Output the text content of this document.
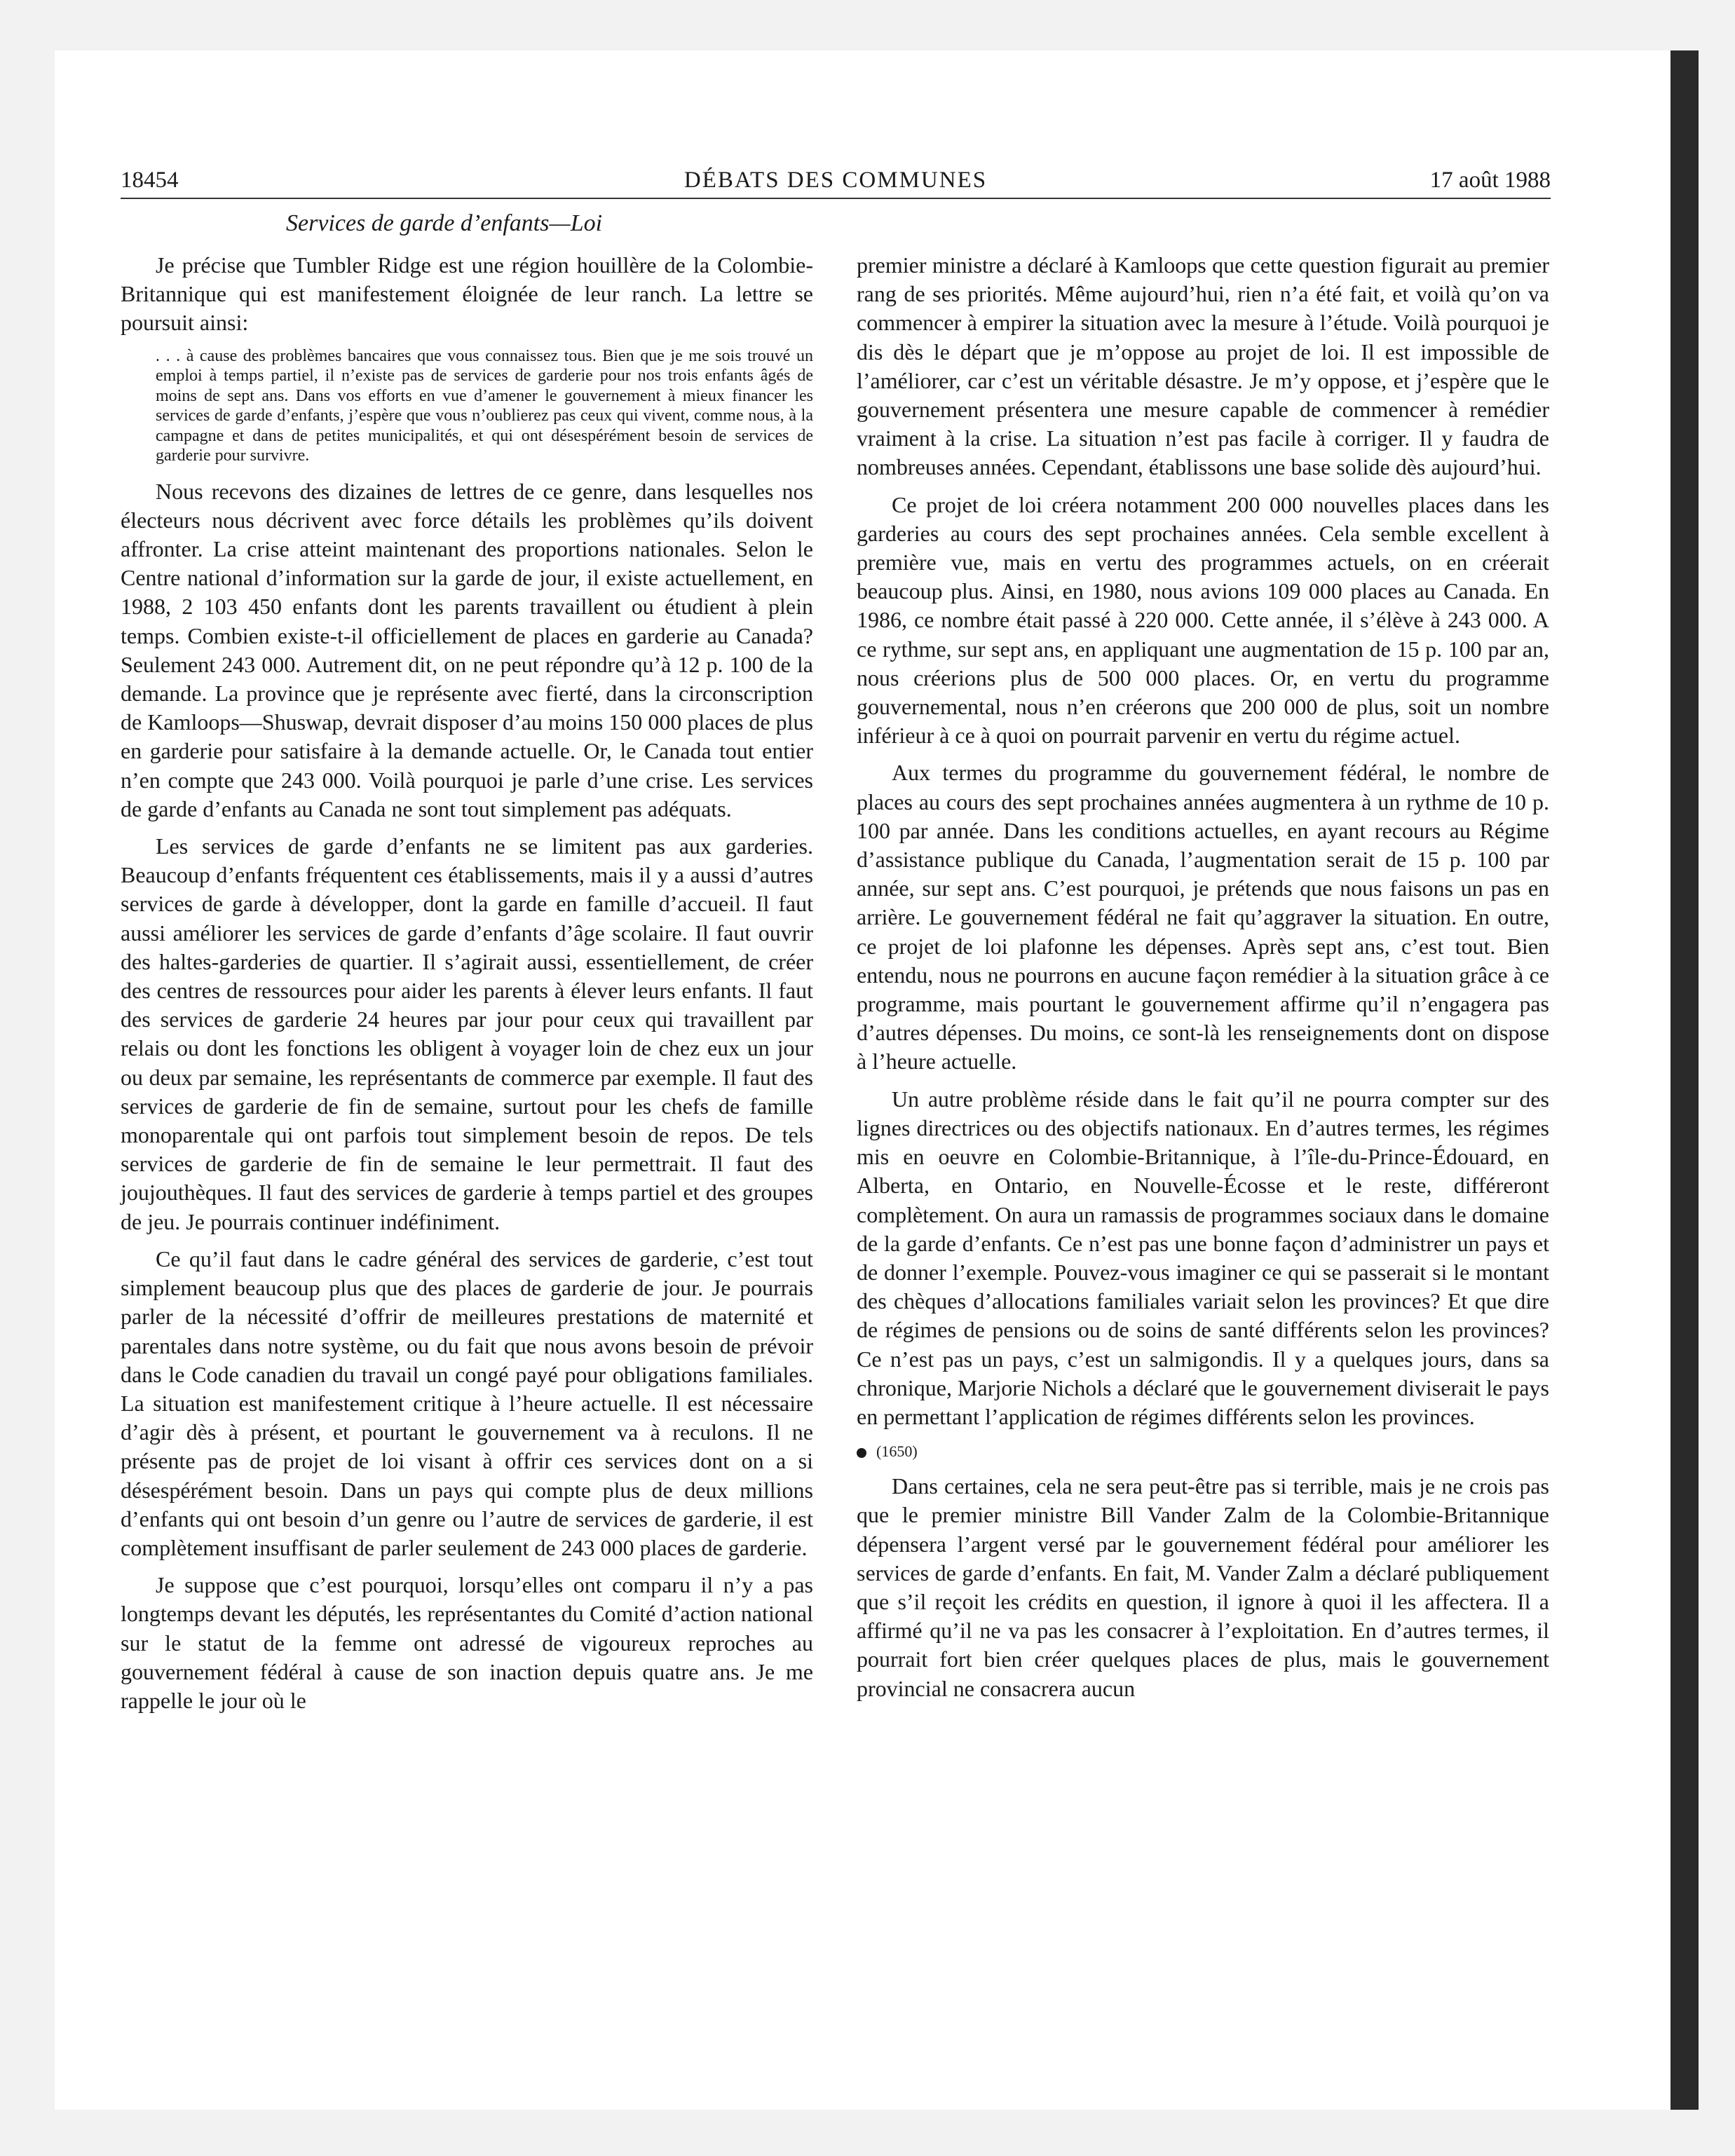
18454	DÉBATS DES COMMUNES	17 août 1988
Services de garde d’enfants—Loi

Je précise que Tumbler Ridge est une région houillère de la Colombie-Britannique qui est manifestement éloignée de leur ranch. La lettre se poursuit ainsi:

. . . à cause des problèmes bancaires que vous connaissez tous. Bien que je me sois trouvé un emploi à temps partiel, il n’existe pas de services de garderie pour nos trois enfants âgés de moins de sept ans. Dans vos efforts en vue d’amener le gouvernement à mieux financer les services de garde d’enfants, j’espère que vous n’oublierez pas ceux qui vivent, comme nous, à la campagne et dans de petites municipalités, et qui ont désespérément besoin de services de garderie pour survivre.

Nous recevons des dizaines de lettres de ce genre, dans lesquelles nos électeurs nous décrivent avec force détails les problèmes qu’ils doivent affronter. La crise atteint maintenant des proportions nationales. Selon le Centre national d’information sur la garde de jour, il existe actuellement, en 1988, 2 103 450 enfants dont les parents travaillent ou étudient à plein temps. Combien existe-t-il officiellement de places en garderie au Canada? Seulement 243 000. Autrement dit, on ne peut répondre qu’à 12 p. 100 de la demande. La province que je représente avec fierté, dans la circonscription de Kamloops—Shuswap, devrait disposer d’au moins 150 000 places de plus en garderie pour satisfaire à la demande actuelle. Or, le Canada tout entier n’en compte que 243 000. Voilà pourquoi je parle d’une crise. Les services de garde d’enfants au Canada ne sont tout simplement pas adéquats.

Les services de garde d’enfants ne se limitent pas aux garderies. Beaucoup d’enfants fréquentent ces établissements, mais il y a aussi d’autres services de garde à développer, dont la garde en famille d’accueil. Il faut aussi améliorer les services de garde d’enfants d’âge scolaire. Il faut ouvrir des haltes-garderies de quartier. Il s’agirait aussi, essentiellement, de créer des centres de ressources pour aider les parents à élever leurs enfants. Il faut des services de garderie 24 heures par jour pour ceux qui travaillent par relais ou dont les fonctions les obligent à voyager loin de chez eux un jour ou deux par semaine, les représentants de commerce par exemple. Il faut des services de garderie de fin de semaine, surtout pour les chefs de famille monoparentale qui ont parfois tout simplement besoin de repos. De tels services de garderie de fin de semaine le leur permettrait. Il faut des joujouthèques. Il faut des services de garderie à temps partiel et des groupes de jeu. Je pourrais continuer indéfiniment.

Ce qu’il faut dans le cadre général des services de garderie, c’est tout simplement beaucoup plus que des places de garderie de jour. Je pourrais parler de la nécessité d’offrir de meilleures prestations de maternité et parentales dans notre système, ou du fait que nous avons besoin de prévoir dans le Code canadien du travail un congé payé pour obligations familiales. La situation est manifestement critique à l’heure actuelle. Il est nécessaire d’agir dès à présent, et pourtant le gouvernement va à reculons. Il ne présente pas de projet de loi visant à offrir ces services dont on a si désespérément besoin. Dans un pays qui compte plus de deux millions d’enfants qui ont besoin d’un genre ou l’autre de services de garderie, il est complètement insuffisant de parler seulement de 243 000 places de garderie.

Je suppose que c’est pourquoi, lorsqu’elles ont comparu il n’y a pas longtemps devant les députés, les représentantes du Comité d’action national sur le statut de la femme ont adressé de vigoureux reproches au gouvernement fédéral à cause de son inaction depuis quatre ans. Je me rappelle le jour où le

premier ministre a déclaré à Kamloops que cette question figurait au premier rang de ses priorités. Même aujourd’hui, rien n’a été fait, et voilà qu’on va commencer à empirer la situation avec la mesure à l’étude. Voilà pourquoi je dis dès le départ que je m’oppose au projet de loi. Il est impossible de l’améliorer, car c’est un véritable désastre. Je m’y oppose, et j’espère que le gouvernement présentera une mesure capable de commencer à remédier vraiment à la crise. La situation n’est pas facile à corriger. Il y faudra de nombreuses années. Cependant, établissons une base solide dès aujourd’hui.

Ce projet de loi créera notamment 200 000 nouvelles places dans les garderies au cours des sept prochaines années. Cela semble excellent à première vue, mais en vertu des programmes actuels, on en créerait beaucoup plus. Ainsi, en 1980, nous avions 109 000 places au Canada. En 1986, ce nombre était passé à 220 000. Cette année, il s’élève à 243 000. A ce rythme, sur sept ans, en appliquant une augmentation de 15 p. 100 par an, nous créerions plus de 500 000 places. Or, en vertu du programme gouvernemental, nous n’en créerons que 200 000 de plus, soit un nombre inférieur à ce à quoi on pourrait parvenir en vertu du régime actuel.

Aux termes du programme du gouvernement fédéral, le nombre de places au cours des sept prochaines années augmentera à un rythme de 10 p. 100 par année. Dans les conditions actuelles, en ayant recours au Régime d’assistance publique du Canada, l’augmentation serait de 15 p. 100 par année, sur sept ans. C’est pourquoi, je prétends que nous faisons un pas en arrière. Le gouvernement fédéral ne fait qu’aggraver la situation. En outre, ce projet de loi plafonne les dépenses. Après sept ans, c’est tout. Bien entendu, nous ne pourrons en aucune façon remédier à la situation grâce à ce programme, mais pourtant le gouvernement affirme qu’il n’engagera pas d’autres dépenses. Du moins, ce sont-là les renseignements dont on dispose à l’heure actuelle.

Un autre problème réside dans le fait qu’il ne pourra compter sur des lignes directrices ou des objectifs nationaux. En d’autres termes, les régimes mis en oeuvre en Colombie-Britannique, à l’île-du-Prince-Édouard, en Alberta, en Ontario, en Nouvelle-Écosse et le reste, différeront complètement. On aura un ramassis de programmes sociaux dans le domaine de la garde d’enfants. Ce n’est pas une bonne façon d’administrer un pays et de donner l’exemple. Pouvez-vous imaginer ce qui se passerait si le montant des chèques d’allocations familiales variait selon les provinces? Et que dire de régimes de pensions ou de soins de santé différents selon les provinces? Ce n’est pas un pays, c’est un salmigondis. Il y a quelques jours, dans sa chronique, Marjorie Nichols a déclaré que le gouvernement diviserait le pays en permettant l’application de régimes différents selon les provinces.

(1650)

Dans certaines, cela ne sera peut-être pas si terrible, mais je ne crois pas que le premier ministre Bill Vander Zalm de la Colombie-Britannique dépensera l’argent versé par le gouvernement fédéral pour améliorer les services de garde d’enfants. En fait, M. Vander Zalm a déclaré publiquement que s’il reçoit les crédits en question, il ignore à quoi il les affectera. Il a affirmé qu’il ne va pas les consacrer à l’exploitation. En d’autres termes, il pourrait fort bien créer quelques places de plus, mais le gouvernement provincial ne consacrera aucun
